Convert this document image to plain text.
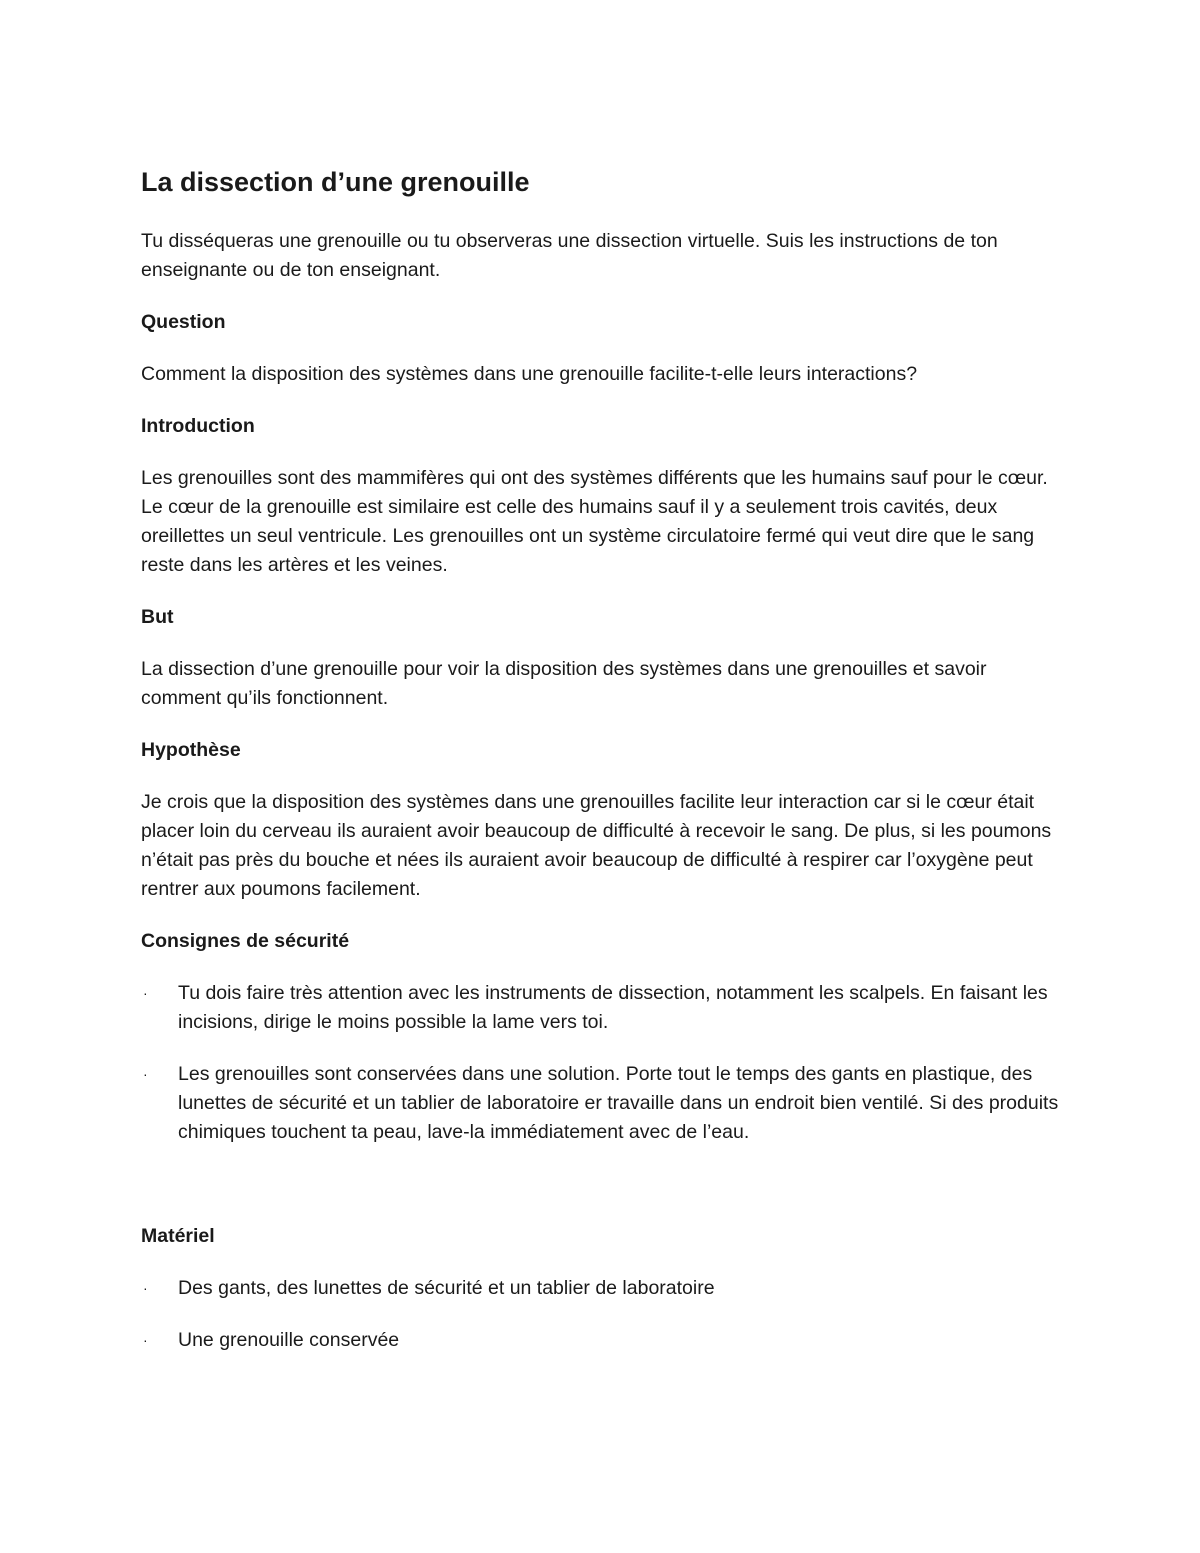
La dissection d’une grenouille

Tu disséqueras une grenouille ou tu observeras une dissection virtuelle. Suis les instructions de ton enseignante ou de ton enseignant.

Question

Comment la disposition des systèmes dans une grenouille facilite-t-elle leurs interactions?

Introduction

Les grenouilles sont des mammifères qui ont des systèmes différents que les humains sauf pour le cœur. Le cœur de la grenouille est similaire est celle des humains sauf il y a seulement trois cavités, deux oreillettes un seul ventricule. Les grenouilles ont un système circulatoire fermé qui veut dire que le sang reste dans les artères et les veines.

But

La dissection d’une grenouille pour voir la disposition des systèmes dans une grenouilles et savoir comment qu’ils fonctionnent.

Hypothèse

Je crois que la disposition des systèmes dans une grenouilles facilite leur interaction car si le cœur était placer loin du cerveau ils auraient avoir beaucoup de difficulté à recevoir le sang. De plus, si les poumons n’était pas près du bouche et nées ils auraient avoir beaucoup de difficulté à respirer car l’oxygène peut rentrer aux poumons facilement.

Consignes de sécurité
· Tu dois faire très attention avec les instruments de dissection, notamment les scalpels. En faisant les incisions, dirige le moins possible la lame vers toi.
· Les grenouilles sont conservées dans une solution. Porte tout le temps des gants en plastique, des lunettes de sécurité et un tablier de laboratoire er travaille dans un endroit bien ventilé. Si des produits chimiques touchent ta peau, lave-la immédiatement avec de l’eau.
Matériel
· Des gants, des lunettes de sécurité et un tablier de laboratoire
· Une grenouille conservée
